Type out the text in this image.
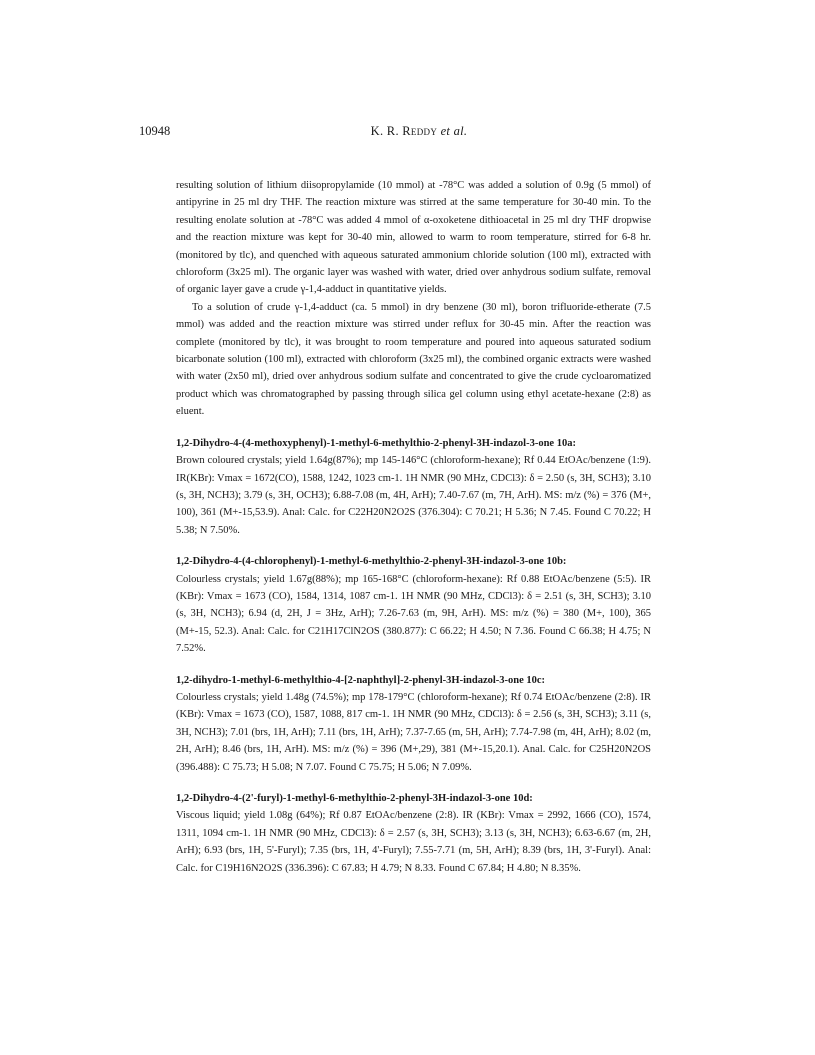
10948	K. R. Reddy et al.

resulting solution of lithium diisopropylamide (10 mmol) at -78°C was added a solution of 0.9g (5 mmol) of antipyrine in 25 ml dry THF. The reaction mixture was stirred at the same temperature for 30-40 min. To the resulting enolate solution at -78°C was added 4 mmol of α-oxoketene dithioacetal in 25 ml dry THF dropwise and the reaction mixture was kept for 30-40 min, allowed to warm to room temperature, stirred for 6-8 hr. (monitored by tlc), and quenched with aqueous saturated ammonium chloride solution (100 ml), extracted with chloroform (3x25 ml). The organic layer was washed with water, dried over anhydrous sodium sulfate, removal of organic layer gave a crude γ-1,4-adduct in quantitative yields.

To a solution of crude γ-1,4-adduct (ca. 5 mmol) in dry benzene (30 ml), boron trifluoride-etherate (7.5 mmol) was added and the reaction mixture was stirred under reflux for 30-45 min. After the reaction was complete (monitored by tlc), it was brought to room temperature and poured into aqueous saturated sodium bicarbonate solution (100 ml), extracted with chloroform (3x25 ml), the combined organic extracts were washed with water (2x50 ml), dried over anhydrous sodium sulfate and concentrated to give the crude cycloaromatized product which was chromatographed by passing through silica gel column using ethyl acetate-hexane (2:8) as eluent.

1,2-Dihydro-4-(4-methoxyphenyl)-1-methyl-6-methylthio-2-phenyl-3H-indazol-3-one 10a:

Brown coloured crystals; yield 1.64g(87%); mp 145-146°C (chloroform-hexane); Rf 0.44 EtOAc/benzene (1:9). IR(KBr): Vmax = 1672(CO), 1588, 1242, 1023 cm-1. 1H NMR (90 MHz, CDCl3): δ = 2.50 (s, 3H, SCH3); 3.10 (s, 3H, NCH3); 3.79 (s, 3H, OCH3); 6.88-7.08 (m, 4H, ArH); 7.40-7.67 (m, 7H, ArH). MS: m/z (%) = 376 (M+, 100), 361 (M+-15,53.9). Anal: Calc. for C22H20N2O2S (376.304): C 70.21; H 5.36; N 7.45. Found C 70.22; H 5.38; N 7.50%.

1,2-Dihydro-4-(4-chlorophenyl)-1-methyl-6-methylthio-2-phenyl-3H-indazol-3-one 10b:

Colourless crystals; yield 1.67g(88%); mp 165-168°C (chloroform-hexane): Rf 0.88 EtOAc/benzene (5:5). IR (KBr): Vmax = 1673 (CO), 1584, 1314, 1087 cm-1. 1H NMR (90 MHz, CDCl3): δ = 2.51 (s, 3H, SCH3); 3.10 (s, 3H, NCH3); 6.94 (d, 2H, J = 3Hz, ArH); 7.26-7.63 (m, 9H, ArH). MS: m/z (%) = 380 (M+, 100), 365 (M+-15, 52.3). Anal: Calc. for C21H17ClN2OS (380.877): C 66.22; H 4.50; N 7.36. Found C 66.38; H 4.75; N 7.52%.

1,2-dihydro-1-methyl-6-methylthio-4-[2-naphthyl]-2-phenyl-3H-indazol-3-one 10c:

Colourless crystals; yield 1.48g (74.5%); mp 178-179°C (chloroform-hexane); Rf 0.74 EtOAc/benzene (2:8). IR (KBr): Vmax = 1673 (CO), 1587, 1088, 817 cm-1. 1H NMR (90 MHz, CDCl3): δ = 2.56 (s, 3H, SCH3); 3.11 (s, 3H, NCH3); 7.01 (brs, 1H, ArH); 7.11 (brs, 1H, ArH); 7.37-7.65 (m, 5H, ArH); 7.74-7.98 (m, 4H, ArH); 8.02 (m, 2H, ArH); 8.46 (brs, 1H, ArH). MS: m/z (%) = 396 (M+,29), 381 (M+-15,20.1). Anal. Calc. for C25H20N2OS (396.488): C 75.73; H 5.08; N 7.07. Found C 75.75; H 5.06; N 7.09%.

1,2-Dihydro-4-(2'-furyl)-1-methyl-6-methylthio-2-phenyl-3H-indazol-3-one 10d:

Viscous liquid; yield 1.08g (64%); Rf 0.87 EtOAc/benzene (2:8). IR (KBr): Vmax = 2992, 1666 (CO), 1574, 1311, 1094 cm-1. 1H NMR (90 MHz, CDCl3): δ = 2.57 (s, 3H, SCH3); 3.13 (s, 3H, NCH3); 6.63-6.67 (m, 2H, ArH); 6.93 (brs, 1H, 5'-Furyl); 7.35 (brs, 1H, 4'-Furyl); 7.55-7.71 (m, 5H, ArH); 8.39 (brs, 1H, 3'-Furyl). Anal: Calc. for C19H16N2O2S (336.396): C 67.83; H 4.79; N 8.33. Found C 67.84; H 4.80; N 8.35%.
